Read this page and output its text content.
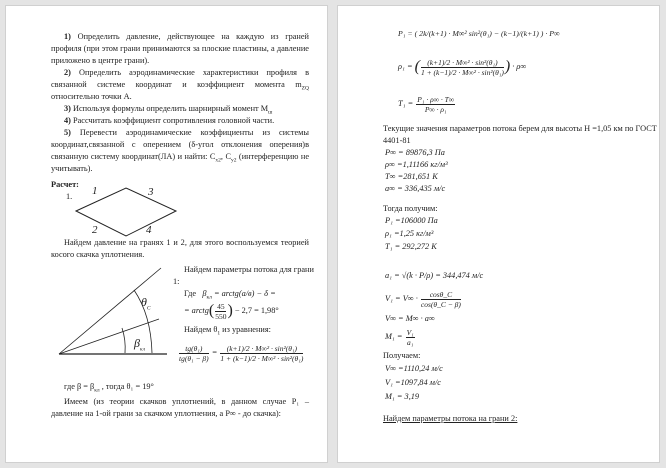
1) Определить давление, действующее на каждую из граней профиля (при этом грани принимаются за плоские пластины, а давление приложено в центре грани).

2) Определить аэродинамические характеристики профиля в связанной системе координат и коэффициент момента $m_{ZQ}$ относительно точки А.

3) Используя формулы определить шарнирный момент $M_ш$

4) Рассчитать коэффициент сопротивления головной части.

5) Перевести аэродинамические коэффициенты из системы координат,связанной с оперением (δ-угол отклонения оперения)в связанную систему координат(ЛА) и найти: $C_{x2}$, $C_{y2}$ (интерференцию не учитывать).

Расчет:

1.	1	3
2	4
Найдем давление на гранях 1 и 2, для этого воспользуемся теорией косого скачка уплотнения.
$\theta_C$
$\beta_{кл}$
Найдем параметры потока для грани
1:
Где $\beta_{кл}$ = arctg(a/в) − δ =
= arctg( $\frac{45}{550}$ ) − 2,7 = 1,98°
Найдем $\theta_1$ из уравнения:
$\frac{\text{tg(θ₁)}}{\text{tg(θ₁ − β)}} = \frac{\text{(k+1)/2 · M∞² · sin²(θ₁)}}{\text{1 + (k−1)/2 · M∞² · sin²(θ₁)}}$
где $\beta = \beta_{кл}$ , тогда θ₁ = 19°
Имеем (из теории скачков уплотнений, в данном случае P₁ – давление на 1-ой грани за скачком уплотнения, а P∞ - до скачка):
P₁ = ( 2k/(k+1) · M∞² sin²(θ₁) − (k−1)/(k+1) ) · P∞
ρ₁ = ( $\frac{\text{(k+1)/2 · M∞² · sin²(θ₁)}}{\text{1 + (k−1)/2 · M∞² · sin²(θ₁)}}$ ) · ρ∞
$T_1 = \frac{\text{P₁ · ρ∞ · T∞}}{\text{P∞ · ρ₁}}$
Текущие значения параметров потока берем для высоты H =1,05 км по ГОСТ
4401-81
P∞ = 89876,3 Па
ρ∞ =1,11166 кг/м³
T∞ =281,651 K
a∞ = 336,435 м/c
Тогда получим:
P₁ =106000 Па
ρ₁ =1,25 кг/м³
T₁ = 292,272 K
a₁ = √(k · P/ρ) = 344,474 м/c
$V_1 = V\infty \cdot \frac{\cos\theta\_C}{\cos(\theta\_C - \beta)}$
V∞ = M∞ · a∞
$M_1 = \frac{\text{V₁}}{\text{a₁}}$
Получаем:
V∞ =1110,24 м/c
V₁ =1097,84 м/c
M₁ = 3,19
Найдем параметры потока на грани 2:
